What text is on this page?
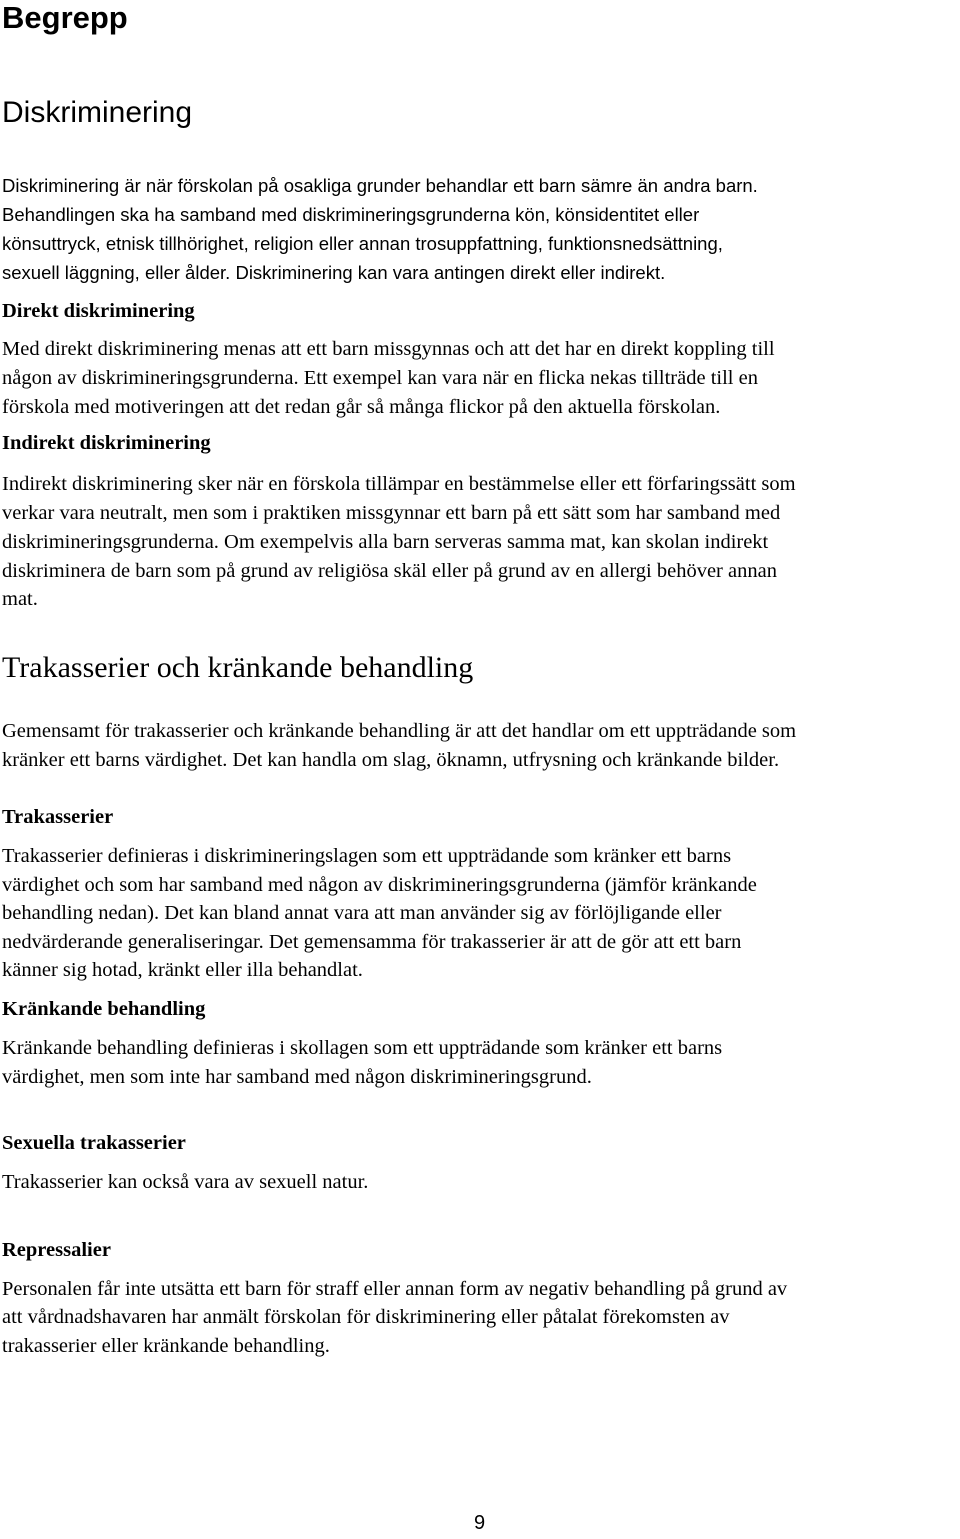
Begrepp
Diskriminering

Diskriminering är när förskolan på osakliga grunder behandlar ett barn sämre än andra barn.

Behandlingen ska ha samband med diskrimineringsgrunderna kön, könsidentitet eller

könsuttryck, etnisk tillhörighet, religion eller annan trosuppfattning, funktionsnedsättning,

sexuell läggning, eller ålder. Diskriminering kan vara antingen direkt eller indirekt.

Direkt diskriminering

Med direkt diskriminering menas att ett barn missgynnas och att det har en direkt koppling till

någon av diskrimineringsgrunderna. Ett exempel kan vara när en flicka nekas tillträde till en

förskola med motiveringen att det redan går så många flickor på den aktuella förskolan.

Indirekt diskriminering

Indirekt diskriminering sker när en förskola tillämpar en bestämmelse eller ett förfaringssätt som

verkar vara neutralt, men som i praktiken missgynnar ett barn på ett sätt som har samband med

diskrimineringsgrunderna. Om exempelvis alla barn serveras samma mat, kan skolan indirekt

diskriminera de barn som på grund av religiösa skäl eller på grund av en allergi behöver annan

mat.

Trakasserier och kränkande behandling

Gemensamt för trakasserier och kränkande behandling är att det handlar om ett uppträdande som

kränker ett barns värdighet. Det kan handla om slag, öknamn, utfrysning och kränkande bilder.

Trakasserier

Trakasserier definieras i diskrimineringslagen som ett uppträdande som kränker ett barns

värdighet och som har samband med någon av diskrimineringsgrunderna (jämför kränkande

behandling nedan). Det kan bland annat vara att man använder sig av förlöjligande eller

nedvärderande generaliseringar. Det gemensamma för trakasserier är att de gör att ett barn

känner sig hotad, kränkt eller illa behandlat.

Kränkande behandling

Kränkande behandling definieras i skollagen som ett uppträdande som kränker ett barns

värdighet, men som inte har samband med någon diskrimineringsgrund.

Sexuella trakasserier

Trakasserier kan också vara av sexuell natur.

Repressalier

Personalen får inte utsätta ett barn för straff eller annan form av negativ behandling på grund av

att vårdnadshavaren har anmält förskolan för diskriminering eller påtalat förekomsten av

trakasserier eller kränkande behandling.

9
